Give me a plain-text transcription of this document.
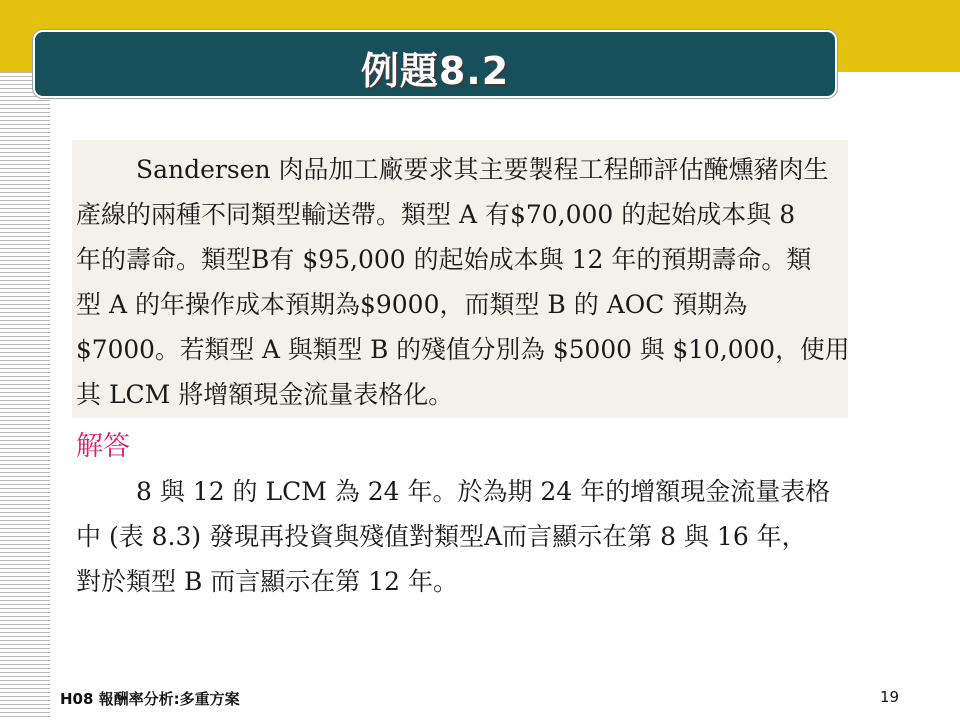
例題8.2
Sandersen 肉品加工廠要求其主要製程工程師評估醃燻豬肉生
產線的兩種不同類型輸送帶。類型 A 有$70,000 的起始成本與 8
年的壽命。類型B有 $95,000 的起始成本與 12 年的預期壽命。類
型 A 的年操作成本預期為$9000，而類型 B 的 AOC 預期為
$7000。若類型 A 與類型 B 的殘值分別為 $5000 與 $10,000，使用
其 LCM 將增額現金流量表格化。
解答
8 與 12 的 LCM 為 24 年。於為期 24 年的增額現金流量表格
中 (表 8.3) 發現再投資與殘值對類型A而言顯示在第 8 與 16 年，
對於類型 B 而言顯示在第 12 年。
H08 報酬率分析:多重方案	19
